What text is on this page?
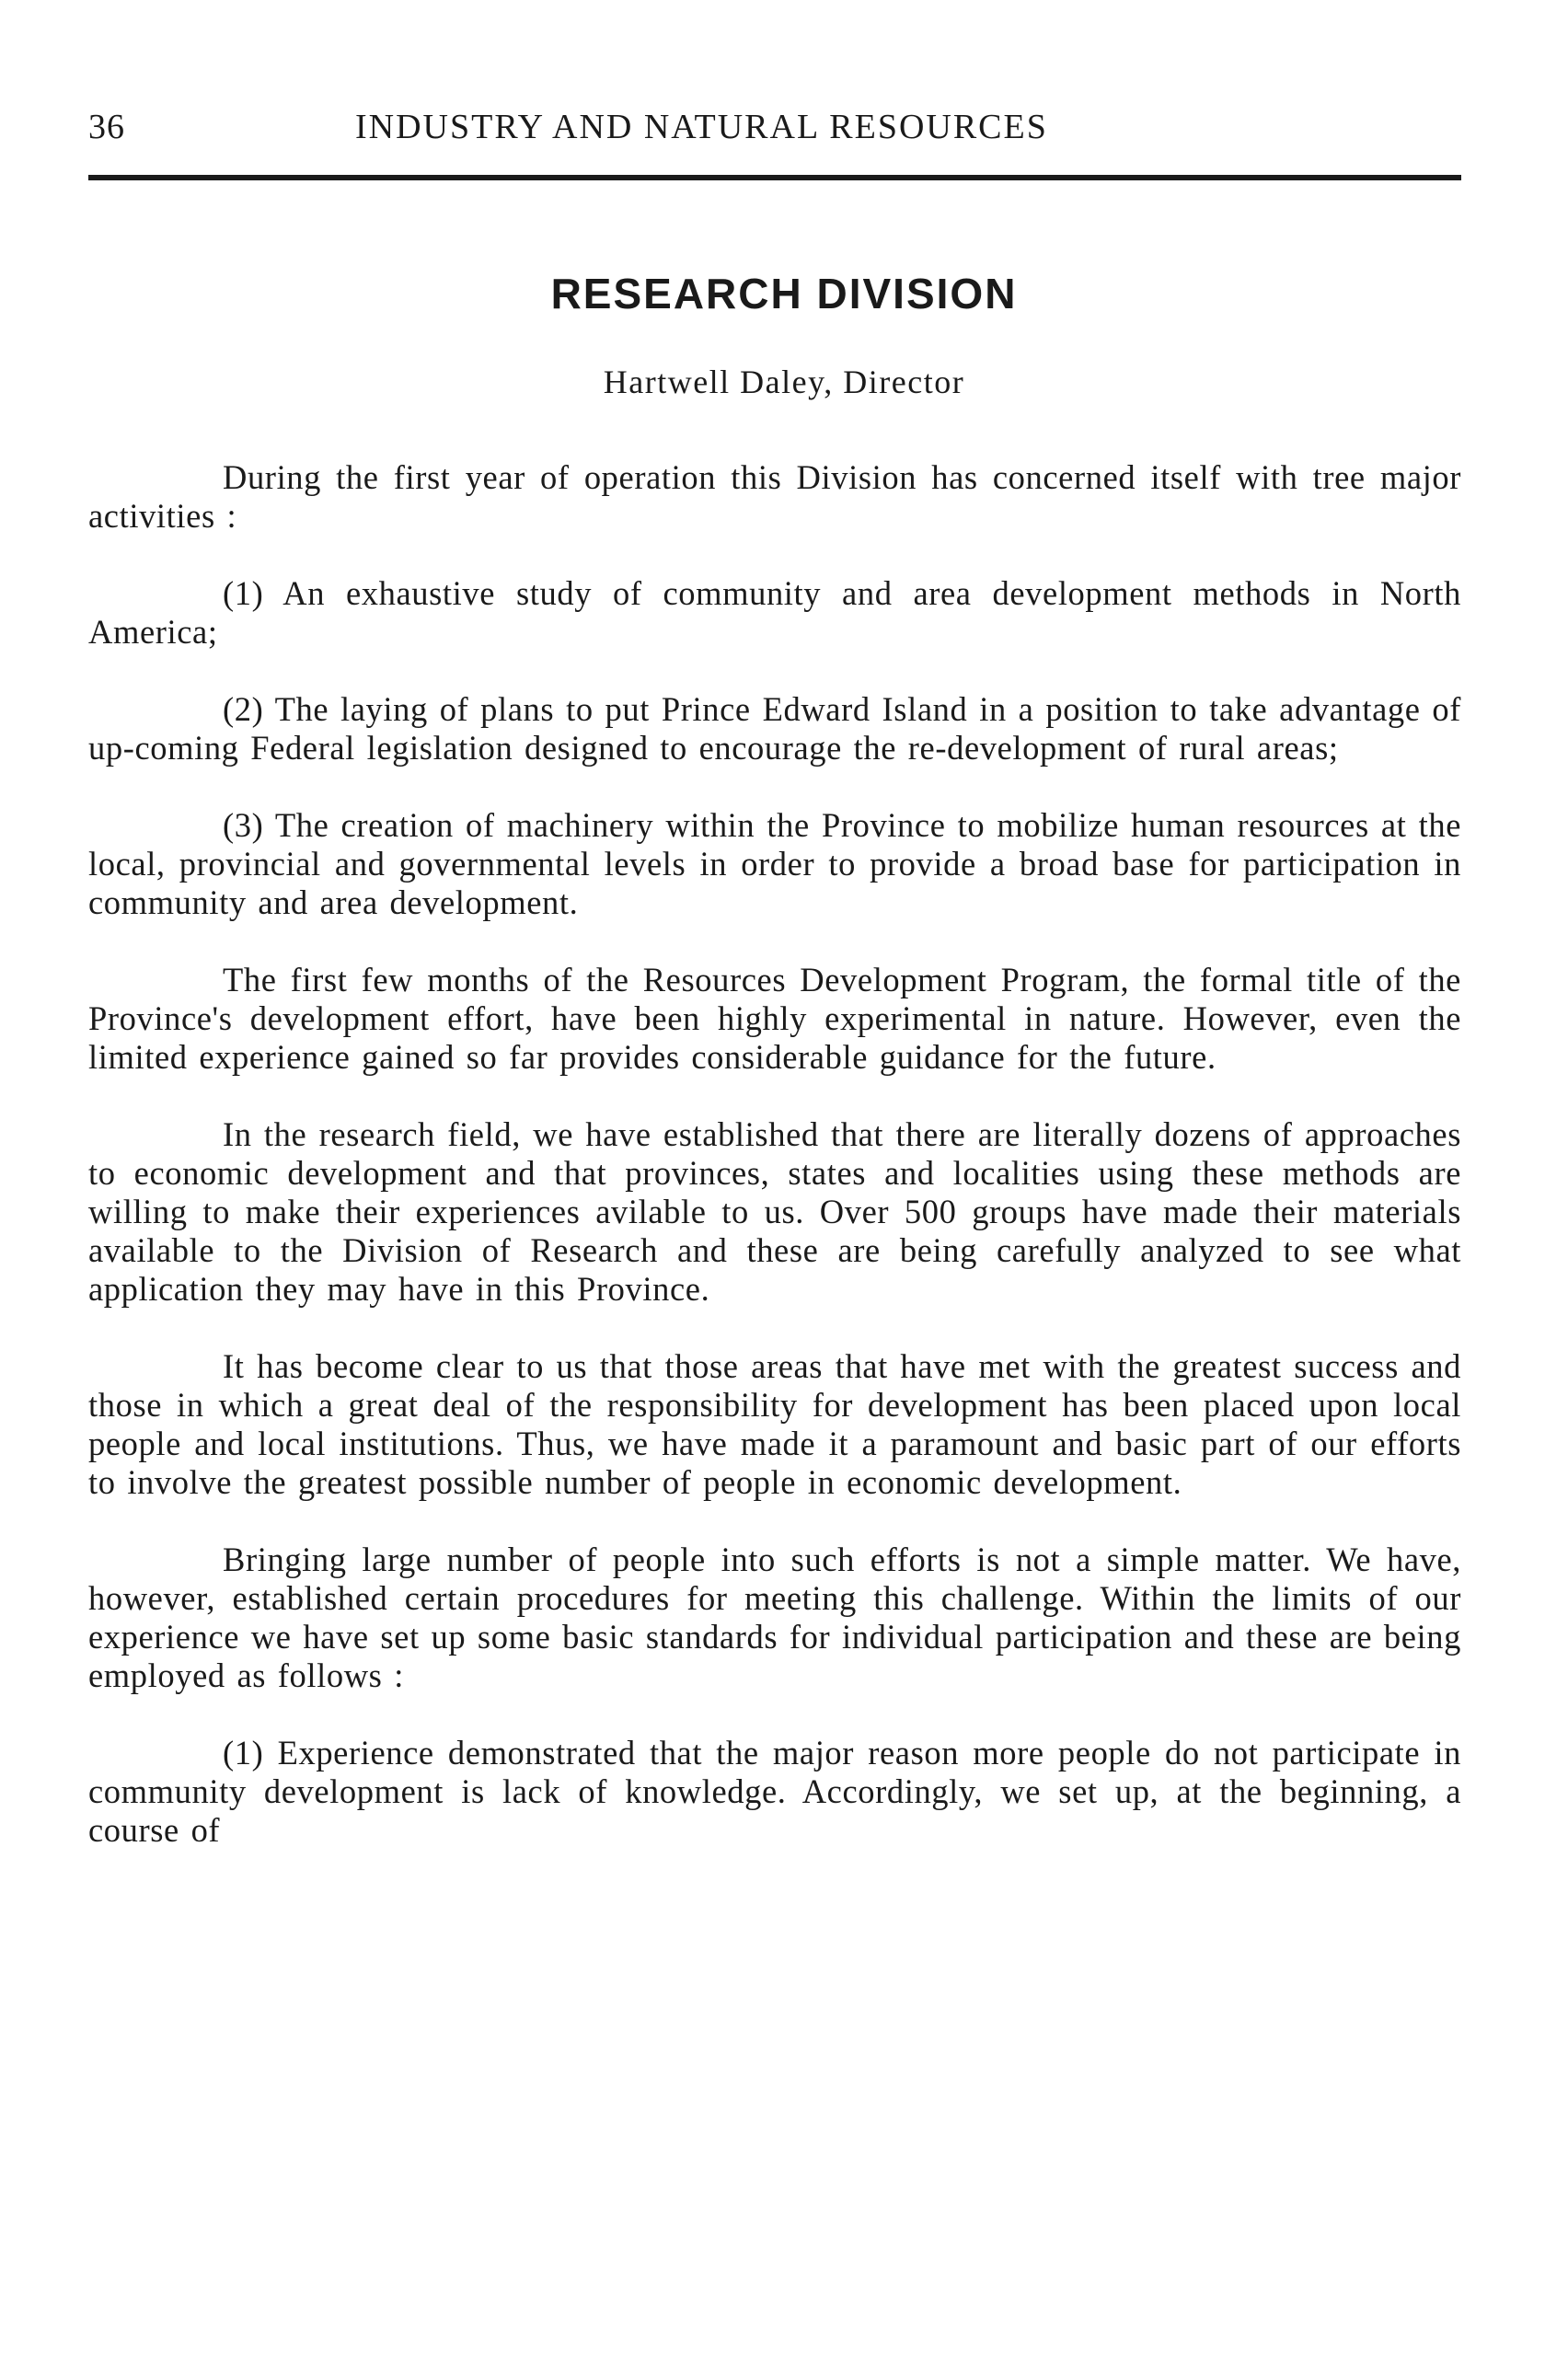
36	INDUSTRY AND NATURAL RESOURCES
RESEARCH DIVISION
Hartwell Daley, Director

During the first year of operation this Division has concerned itself with tree major activities :

(1) An exhaustive study of community and area development methods in North America;

(2) The laying of plans to put Prince Edward Island in a position to take advantage of up-coming Federal legislation designed to encourage the re-development of rural areas;

(3) The creation of machinery within the Province to mobilize human resources at the local, provincial and governmental levels in order to provide a broad base for participation in community and area development.

The first few months of the Resources Development Program, the formal title of the Province's development effort, have been highly experimental in nature. However, even the limited experience gained so far provides considerable guidance for the future.

In the research field, we have established that there are literally dozens of approaches to economic development and that provinces, states and localities using these methods are willing to make their experiences avilable to us. Over 500 groups have made their materials available to the Division of Research and these are being carefully analyzed to see what application they may have in this Province.

It has become clear to us that those areas that have met with the greatest success and those in which a great deal of the responsibility for development has been placed upon local people and local institutions. Thus, we have made it a paramount and basic part of our efforts to involve the greatest possible number of people in economic development.

Bringing large number of people into such efforts is not a simple matter. We have, however, established certain procedures for meeting this challenge. Within the limits of our experience we have set up some basic standards for individual participation and these are being employed as follows :

(1) Experience demonstrated that the major reason more people do not participate in community development is lack of knowledge. Accordingly, we set up, at the beginning, a course of
